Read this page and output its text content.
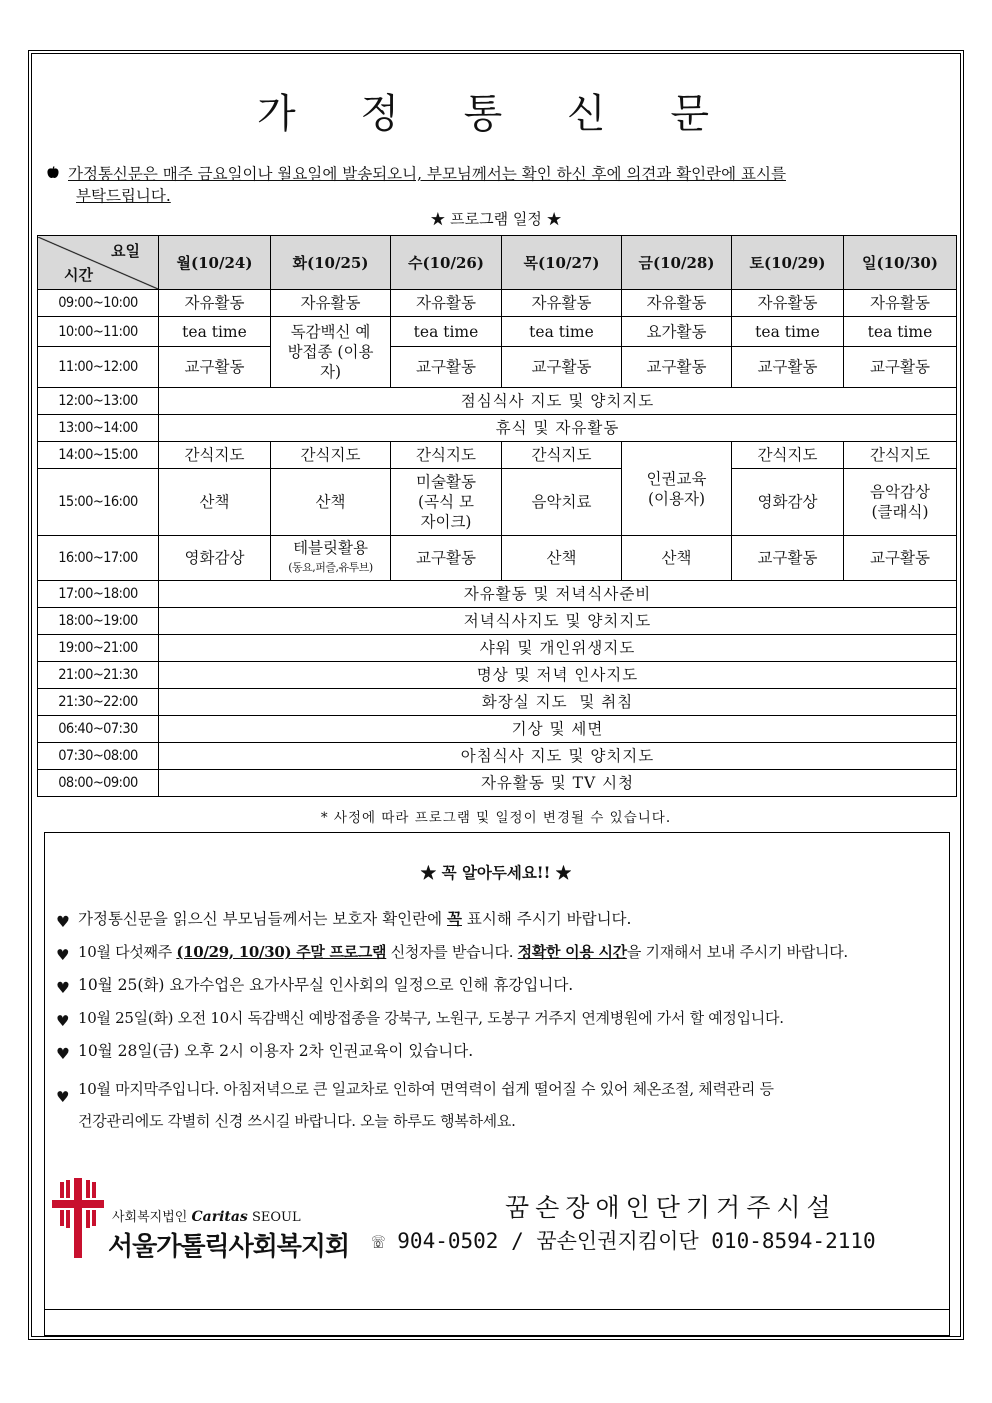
가 정 통 신 문
가정통신문은 매주 금요일이나 월요일에 발송되오니, 부모님께서는 확인 하신 후에 의견과 확인란에 표시를
부탁드립니다.
★ 프로그램 일정 ★
요일
시간	월(10/24)	화(10/25)	수(10/26)	목(10/27)	금(10/28)	토(10/29)	일(10/30)
09:00~10:00	자유활동	자유활동	자유활동	자유활동	자유활동	자유활동	자유활동
10:00~11:00	tea time	독감백신 예방접종 (이용자)	tea time	tea time	요가활동	tea time	tea time
11:00~12:00	교구활동		교구활동	교구활동	교구활동	교구활동	교구활동
12:00~13:00	점심식사 지도 및 양치지도						
13:00~14:00	휴식 및 자유활동						
14:00~15:00	간식지도	간식지도	간식지도	간식지도	인권교육 (이용자)	간식지도	간식지도
15:00~16:00	산책	산책	미술활동 (곡식 모자이크)	음악치료		영화감상	음악감상 (클래식)
16:00~17:00	영화감상	테블릿활용
(동요,퍼즐,유투브)	교구활동	산책	산책	교구활동	교구활동
17:00~18:00	자유활동 및 저녁식사준비						
18:00~19:00	저녁식사지도 및 양치지도						
19:00~21:00	샤워 및 개인위생지도						
21:00~21:30	명상 및 저녁 인사지도						
21:30~22:00	화장실 지도  및 취침						
06:40~07:30	기상 및 세면						
07:30~08:00	아침식사 지도 및 양치지도						
08:00~09:00	자유활동 및 TV 시청						
* 사정에 따라 프로그램 및 일정이 변경될 수 있습니다.
★ 꼭 알아두세요!! ★
♥ 가정통신문을 읽으신 부모님들께서는 보호자 확인란에 꼭 표시해 주시기 바랍니다.
♥ 10월 다섯째주 (10/29, 10/30) 주말 프로그램 신청자를 받습니다. 정확한 이용 시간을 기재해서 보내 주시기 바랍니다.
♥ 10월 25(화) 요가수업은 요가사무실 인사회의 일정으로 인해 휴강입니다.
♥ 10월 25일(화) 오전 10시 독감백신 예방접종을 강북구, 노원구, 도봉구 거주지 연계병원에 가서 할 예정입니다.
♥ 10월 28일(금) 오후 2시 이용자 2차 인권교육이 있습니다.
♥ 10월 마지막주입니다. 아침저녁으로 큰 일교차로 인하여 면역력이 쉽게 떨어질 수 있어 체온조절, 체력관리 등
건강관리에도 각별히 신경 쓰시길 바랍니다. 오늘 하루도 행복하세요.
사회복지법인 Caritas SEOUL
서울가톨릭사회복지회
꿈손장애인단기거주시설
☏ 904-0502 / 꿈손인권지킴이단 010-8594-2110
